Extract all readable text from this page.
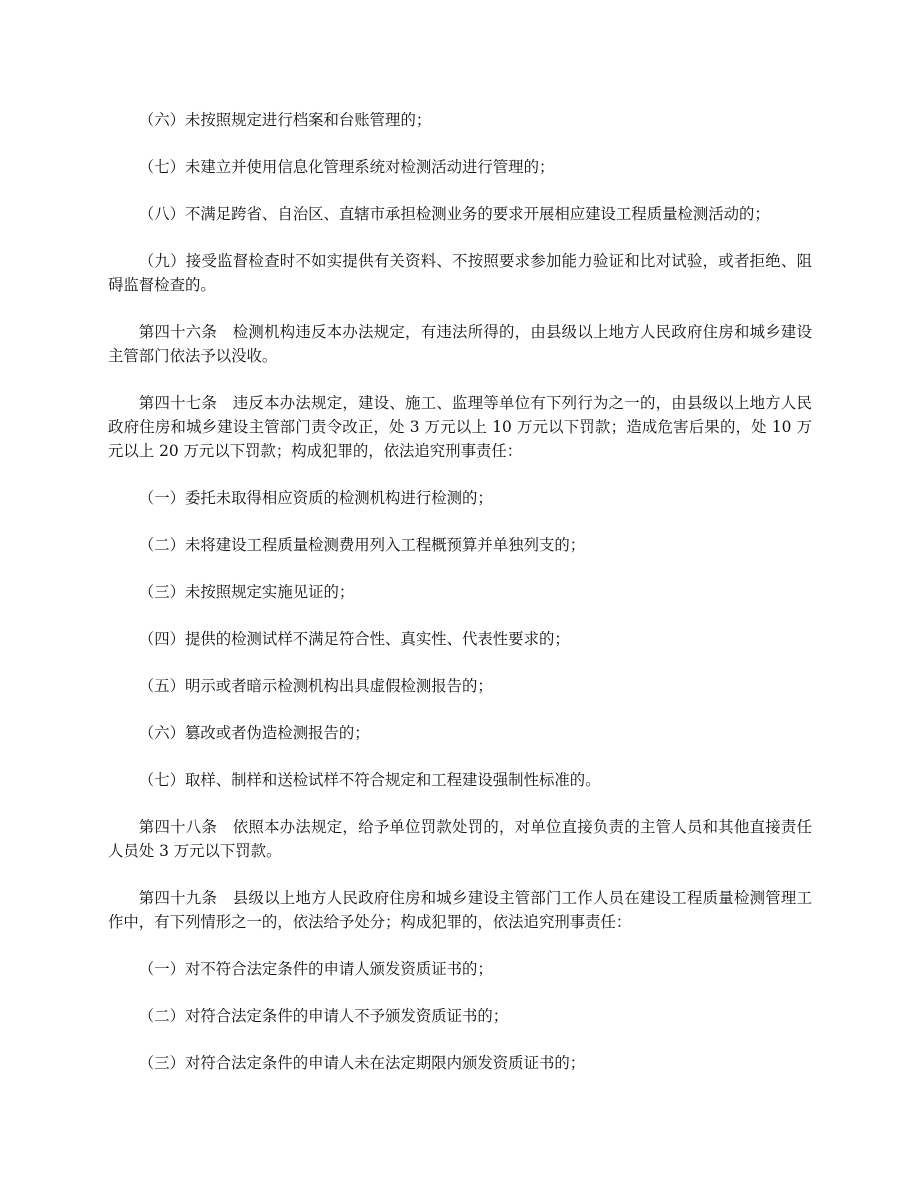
（六）未按照规定进行档案和台账管理的；

（七）未建立并使用信息化管理系统对检测活动进行管理的；

（八）不满足跨省、自治区、直辖市承担检测业务的要求开展相应建设工程质量检测活动的；

（九）接受监督检查时不如实提供有关资料、不按照要求参加能力验证和比对试验，或者拒绝、阻碍监督检查的。

第四十六条　检测机构违反本办法规定，有违法所得的，由县级以上地方人民政府住房和城乡建设主管部门依法予以没收。

第四十七条　违反本办法规定，建设、施工、监理等单位有下列行为之一的，由县级以上地方人民政府住房和城乡建设主管部门责令改正，处 3 万元以上 10 万元以下罚款；造成危害后果的，处 10 万元以上 20 万元以下罚款；构成犯罪的，依法追究刑事责任：

（一）委托未取得相应资质的检测机构进行检测的；

（二）未将建设工程质量检测费用列入工程概预算并单独列支的；

（三）未按照规定实施见证的；

（四）提供的检测试样不满足符合性、真实性、代表性要求的；

（五）明示或者暗示检测机构出具虚假检测报告的；

（六）篡改或者伪造检测报告的；

（七）取样、制样和送检试样不符合规定和工程建设强制性标准的。

第四十八条　依照本办法规定，给予单位罚款处罚的，对单位直接负责的主管人员和其他直接责任人员处 3 万元以下罚款。

第四十九条　县级以上地方人民政府住房和城乡建设主管部门工作人员在建设工程质量检测管理工作中，有下列情形之一的，依法给予处分；构成犯罪的，依法追究刑事责任：

（一）对不符合法定条件的申请人颁发资质证书的；

（二）对符合法定条件的申请人不予颁发资质证书的；

（三）对符合法定条件的申请人未在法定期限内颁发资质证书的；
